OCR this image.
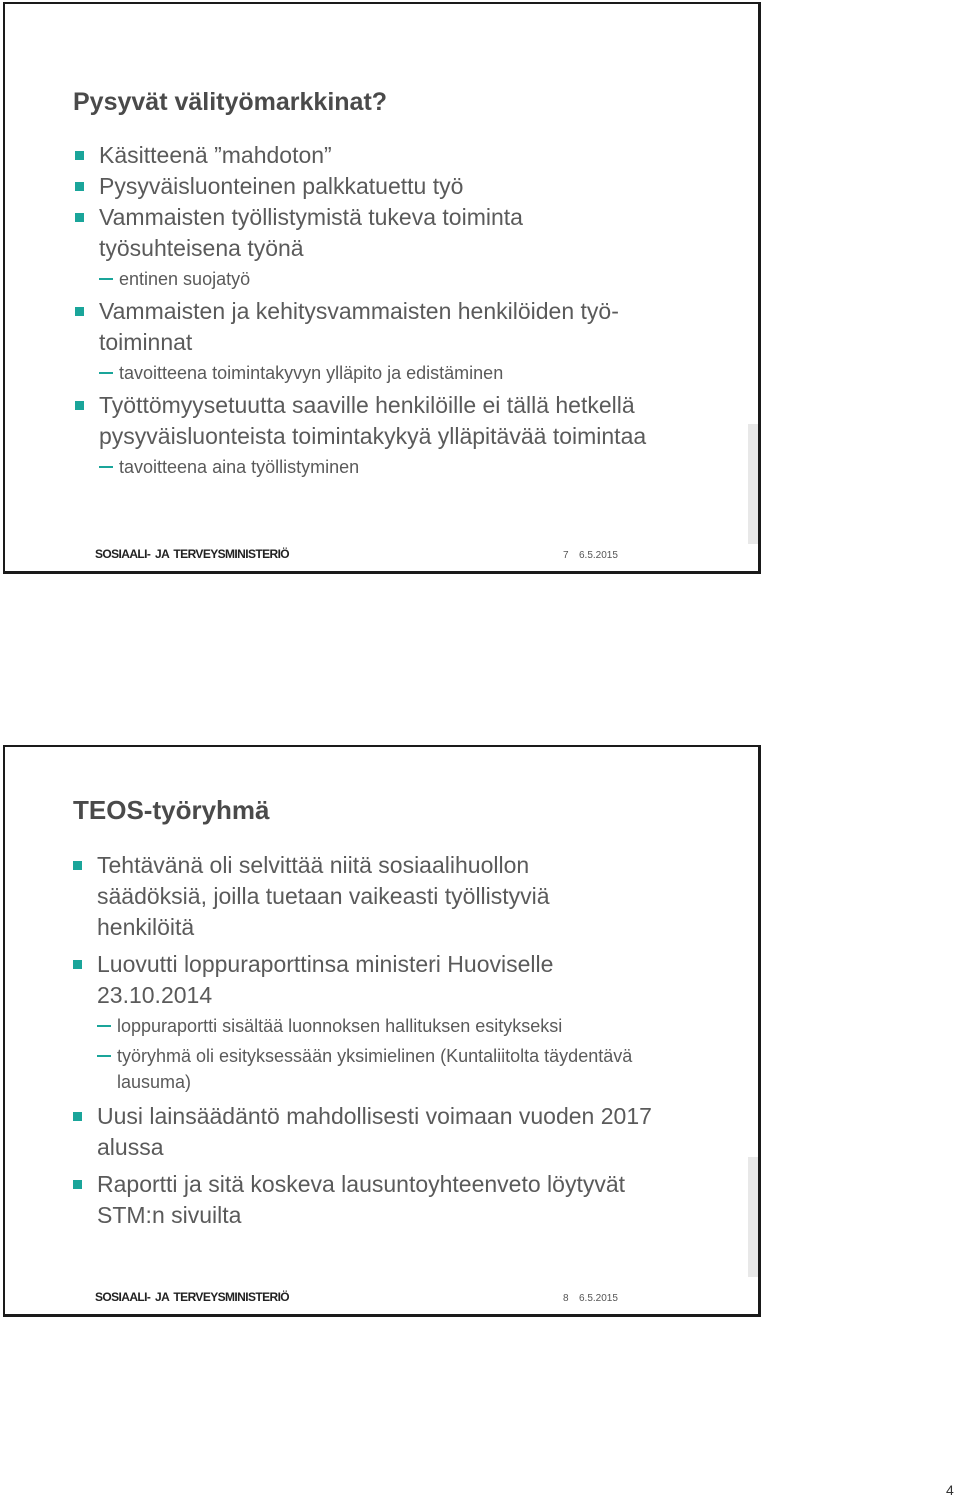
Pysyvät välityömarkkinat?
Käsitteenä ”mahdoton”
Pysyväisluonteinen palkkatuettu työ
Vammaisten työllistymistä tukeva toiminta työsuhteisena työnä
entinen suojatyö
Vammaisten ja kehitysvammaisten henkilöiden työ-toiminnat
tavoitteena toimintakyvyn ylläpito ja edistäminen
Työttömyysetuutta saaville henkilöille ei tällä hetkellä pysyväisluonteista toimintakykyä ylläpitävää toimintaa
tavoitteena aina työllistyminen
SOSIAALI- JA TERVEYSMINISTERIÖ	7 6.5.2015
TEOS-työryhmä
Tehtävänä oli selvittää niitä sosiaalihuollon säädöksiä, joilla tuetaan vaikeasti työllistyviä henkilöitä
Luovutti loppuraporttinsa ministeri Huoviselle 23.10.2014
loppuraportti sisältää luonnoksen hallituksen esitykseksi
työryhmä oli esityksessään yksimielinen (Kuntaliitolta täydentävä lausuma)
Uusi lainsäädäntö mahdollisesti voimaan vuoden 2017 alussa
Raportti ja sitä koskeva lausuntoyhteenveto löytyvät STM:n sivuilta
SOSIAALI- JA TERVEYSMINISTERIÖ	8 6.5.2015
4
